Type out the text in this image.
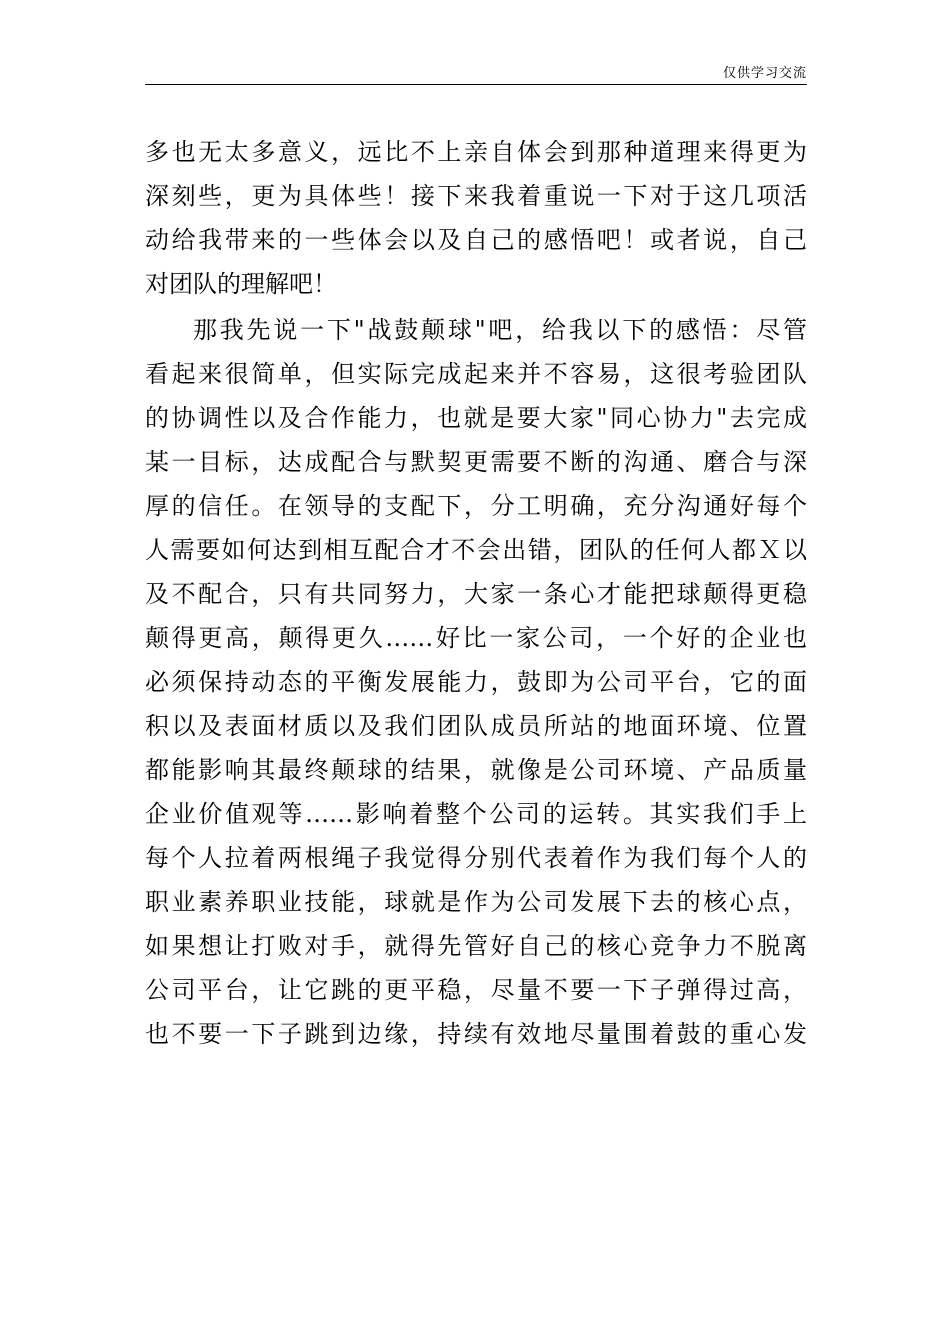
仅供学习交流
多也无太多意义，远比不上亲自体会到那种道理来得更为
深刻些，更为具体些！接下来我着重说一下对于这几项活
动给我带来的一些体会以及自己的感悟吧！或者说，自己
对团队的理解吧！
那我先说一下"战鼓颠球"吧，给我以下的感悟：尽管
看起来很简单，但实际完成起来并不容易，这很考验团队
的协调性以及合作能力，也就是要大家"同心协力"去完成
某一目标，达成配合与默契更需要不断的沟通、磨合与深
厚的信任。在领导的支配下，分工明确，充分沟通好每个
人需要如何达到相互配合才不会出错，团队的任何人都Ｘ以
及不配合，只有共同努力，大家一条心才能把球颠得更稳
颠得更高，颠得更久……好比一家公司，一个好的企业也
必须保持动态的平衡发展能力，鼓即为公司平台，它的面
积以及表面材质以及我们团队成员所站的地面环境、位置
都能影响其最终颠球的结果，就像是公司环境、产品质量
企业价值观等……影响着整个公司的运转。其实我们手上
每个人拉着两根绳子我觉得分别代表着作为我们每个人的
职业素养职业技能，球就是作为公司发展下去的核心点，
如果想让打败对手，就得先管好自己的核心竞争力不脱离
公司平台，让它跳的更平稳，尽量不要一下子弹得过高，
也不要一下子跳到边缘，持续有效地尽量围着鼓的重心发
